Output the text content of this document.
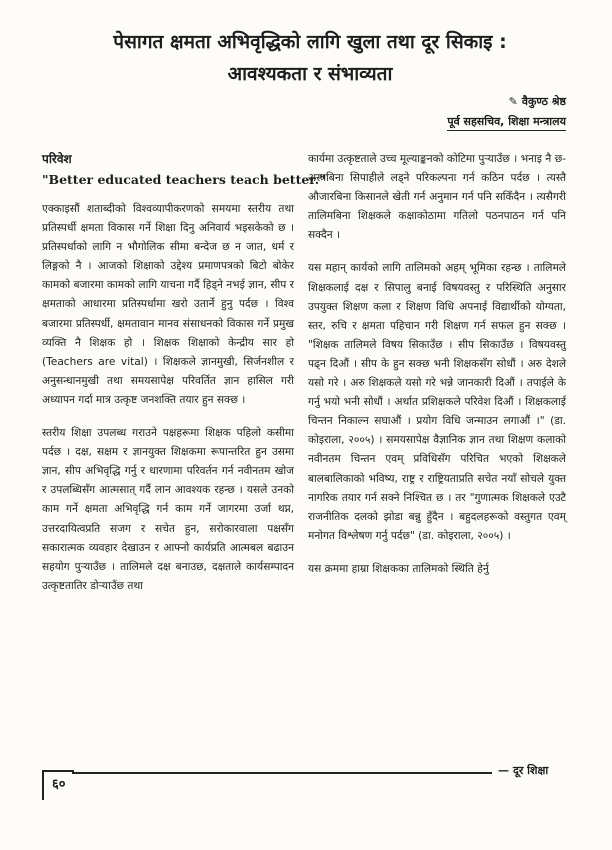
पेसागत क्षमता अभिवृद्धिको लागि खुला तथा दूर सिकाइ :
आवश्यकता र संभाव्यता
✎ वैकुण्ठ श्रेष्ठ
पूर्व सहसचिव, शिक्षा मन्त्रालय
परिवेश
"Better educated teachers teach better."

एक्काइसौं शताब्दीको विश्वव्यापीकरणको समयमा स्तरीय तथा प्रतिस्पर्धी क्षमता विकास गर्ने शिक्षा दिनु अनिवार्य भइसकेको छ । प्रतिस्पर्धाको लागि न भौगोलिक सीमा बन्देज छ न जात, धर्म र लिङ्गको नै । आजको शिक्षाको उद्देश्य प्रमाणपत्रको बिटो बोकेर कामको बजारमा कामको लागि याचना गर्दै हिड्ने नभई ज्ञान, सीप र क्षमताको आधारमा प्रतिस्पर्धामा खरो उतार्ने हुनु पर्दछ । विश्व बजारमा प्रतिस्पर्धी, क्षमतावान मानव संसाधनको विकास गर्ने प्रमुख व्यक्ति नै शिक्षक हो । शिक्षक शिक्षाको केन्द्रीय सार हो (Teachers are vital) । शिक्षकले ज्ञानमुखी, सिर्जनशील र अनुसन्धानमुखी तथा समयसापेक्ष परिवर्तित ज्ञान हासिल गरी अध्यापन गर्दा मात्र उत्कृष्ट जनशक्ति तयार हुन सक्छ ।

स्तरीय शिक्षा उपलब्ध गराउने पक्षहरूमा शिक्षक पहिलो कसीमा पर्दछ । दक्ष, सक्षम र ज्ञानयुक्त शिक्षकमा रूपान्तरित हुन उसमा ज्ञान, सीप अभिवृद्धि गर्नु र धारणामा परिवर्तन गर्न नवीनतम खोज र उपलब्धिसँग आत्मसात् गर्दै लान आवश्यक रहन्छ । यसले उनको काम गर्ने क्षमता अभिवृद्धि गर्न काम गर्ने जागरमा उर्जा थप्न, उत्तरदायित्वप्रति सजग र सचेत हुन, सरोकारवाला पक्षसँग सकारात्मक व्यवहार देखाउन र आफ्नो कार्यप्रति आत्मबल बढाउन सहयोग पुऱ्याउँछ । तालिमले दक्ष बनाउछ, दक्षताले कार्यसम्पादन उत्कृष्टतातिर डोऱ्याउँछ तथा

कार्यमा उत्कृष्टताले उच्च मूल्याङ्कनको कोटिमा पुऱ्याउँछ । भनाइ नै छ- अस्त्रबिना सिपाहीले लड्ने परिकल्पना गर्न कठिन पर्दछ । त्यस्तै औजारबिना किसानले खेती गर्न अनुमान गर्न पनि सकिँदैन । त्यसैगरी तालिमबिना शिक्षकले कक्षाकोठामा गतिलो पठनपाठन गर्न पनि सक्दैन ।

यस महान् कार्यको लागि तालिमको अहम् भूमिका रहन्छ । तालिमले शिक्षकलाई दक्ष र सिपालु बनाई विषयवस्तु र परिस्थिति अनुसार उपयुक्त शिक्षण कला र शिक्षण विधि अपनाई विद्यार्थीको योग्यता, स्तर, रुचि र क्षमता पहिचान गरी शिक्षण गर्न सफल हुन सक्छ । "शिक्षक तालिमले विषय सिकाउँछ । सीप सिकाउँछ । विषयवस्तु पढ्न दिऔं । सीप के हुन सक्छ भनी शिक्षकसँग सोधौं । अरु देशले यसो गरे । अरु शिक्षकले यसो गरे भन्ने जानकारी दिऔं । तपाईले के गर्नु भयो भनी सोधौं । अर्थात प्रशिक्षकले परिवेश दिऔं । शिक्षकलाई चिन्तन निकाल्न सघाऔं । प्रयोग विधि जन्माउन लगाऔं ।" (डा. कोइराला, २००५) । समयसापेक्ष वैज्ञानिक ज्ञान तथा शिक्षण कलाको नवीनतम चिन्तन एवम् प्रविधिसँग परिचित भएको शिक्षकले बालबालिकाको भविष्य, राष्ट्र र राष्ट्रियताप्रति सचेत नयाँ सोचले युक्त नागरिक तयार गर्न सक्ने निश्चित छ । तर "गुणात्मक शिक्षकले एउटै राजनीतिक दलको झोडा बन्नु हुँदैन । बहुदलहरूको वस्तुगत एवम् मनोगत विश्लेषण गर्नु पर्दछ" (डा. कोइराला, २००५) ।

यस क्रममा हाम्रा शिक्षकका तालिमको स्थिति हेर्नु

६०
— दूर शिक्षा
